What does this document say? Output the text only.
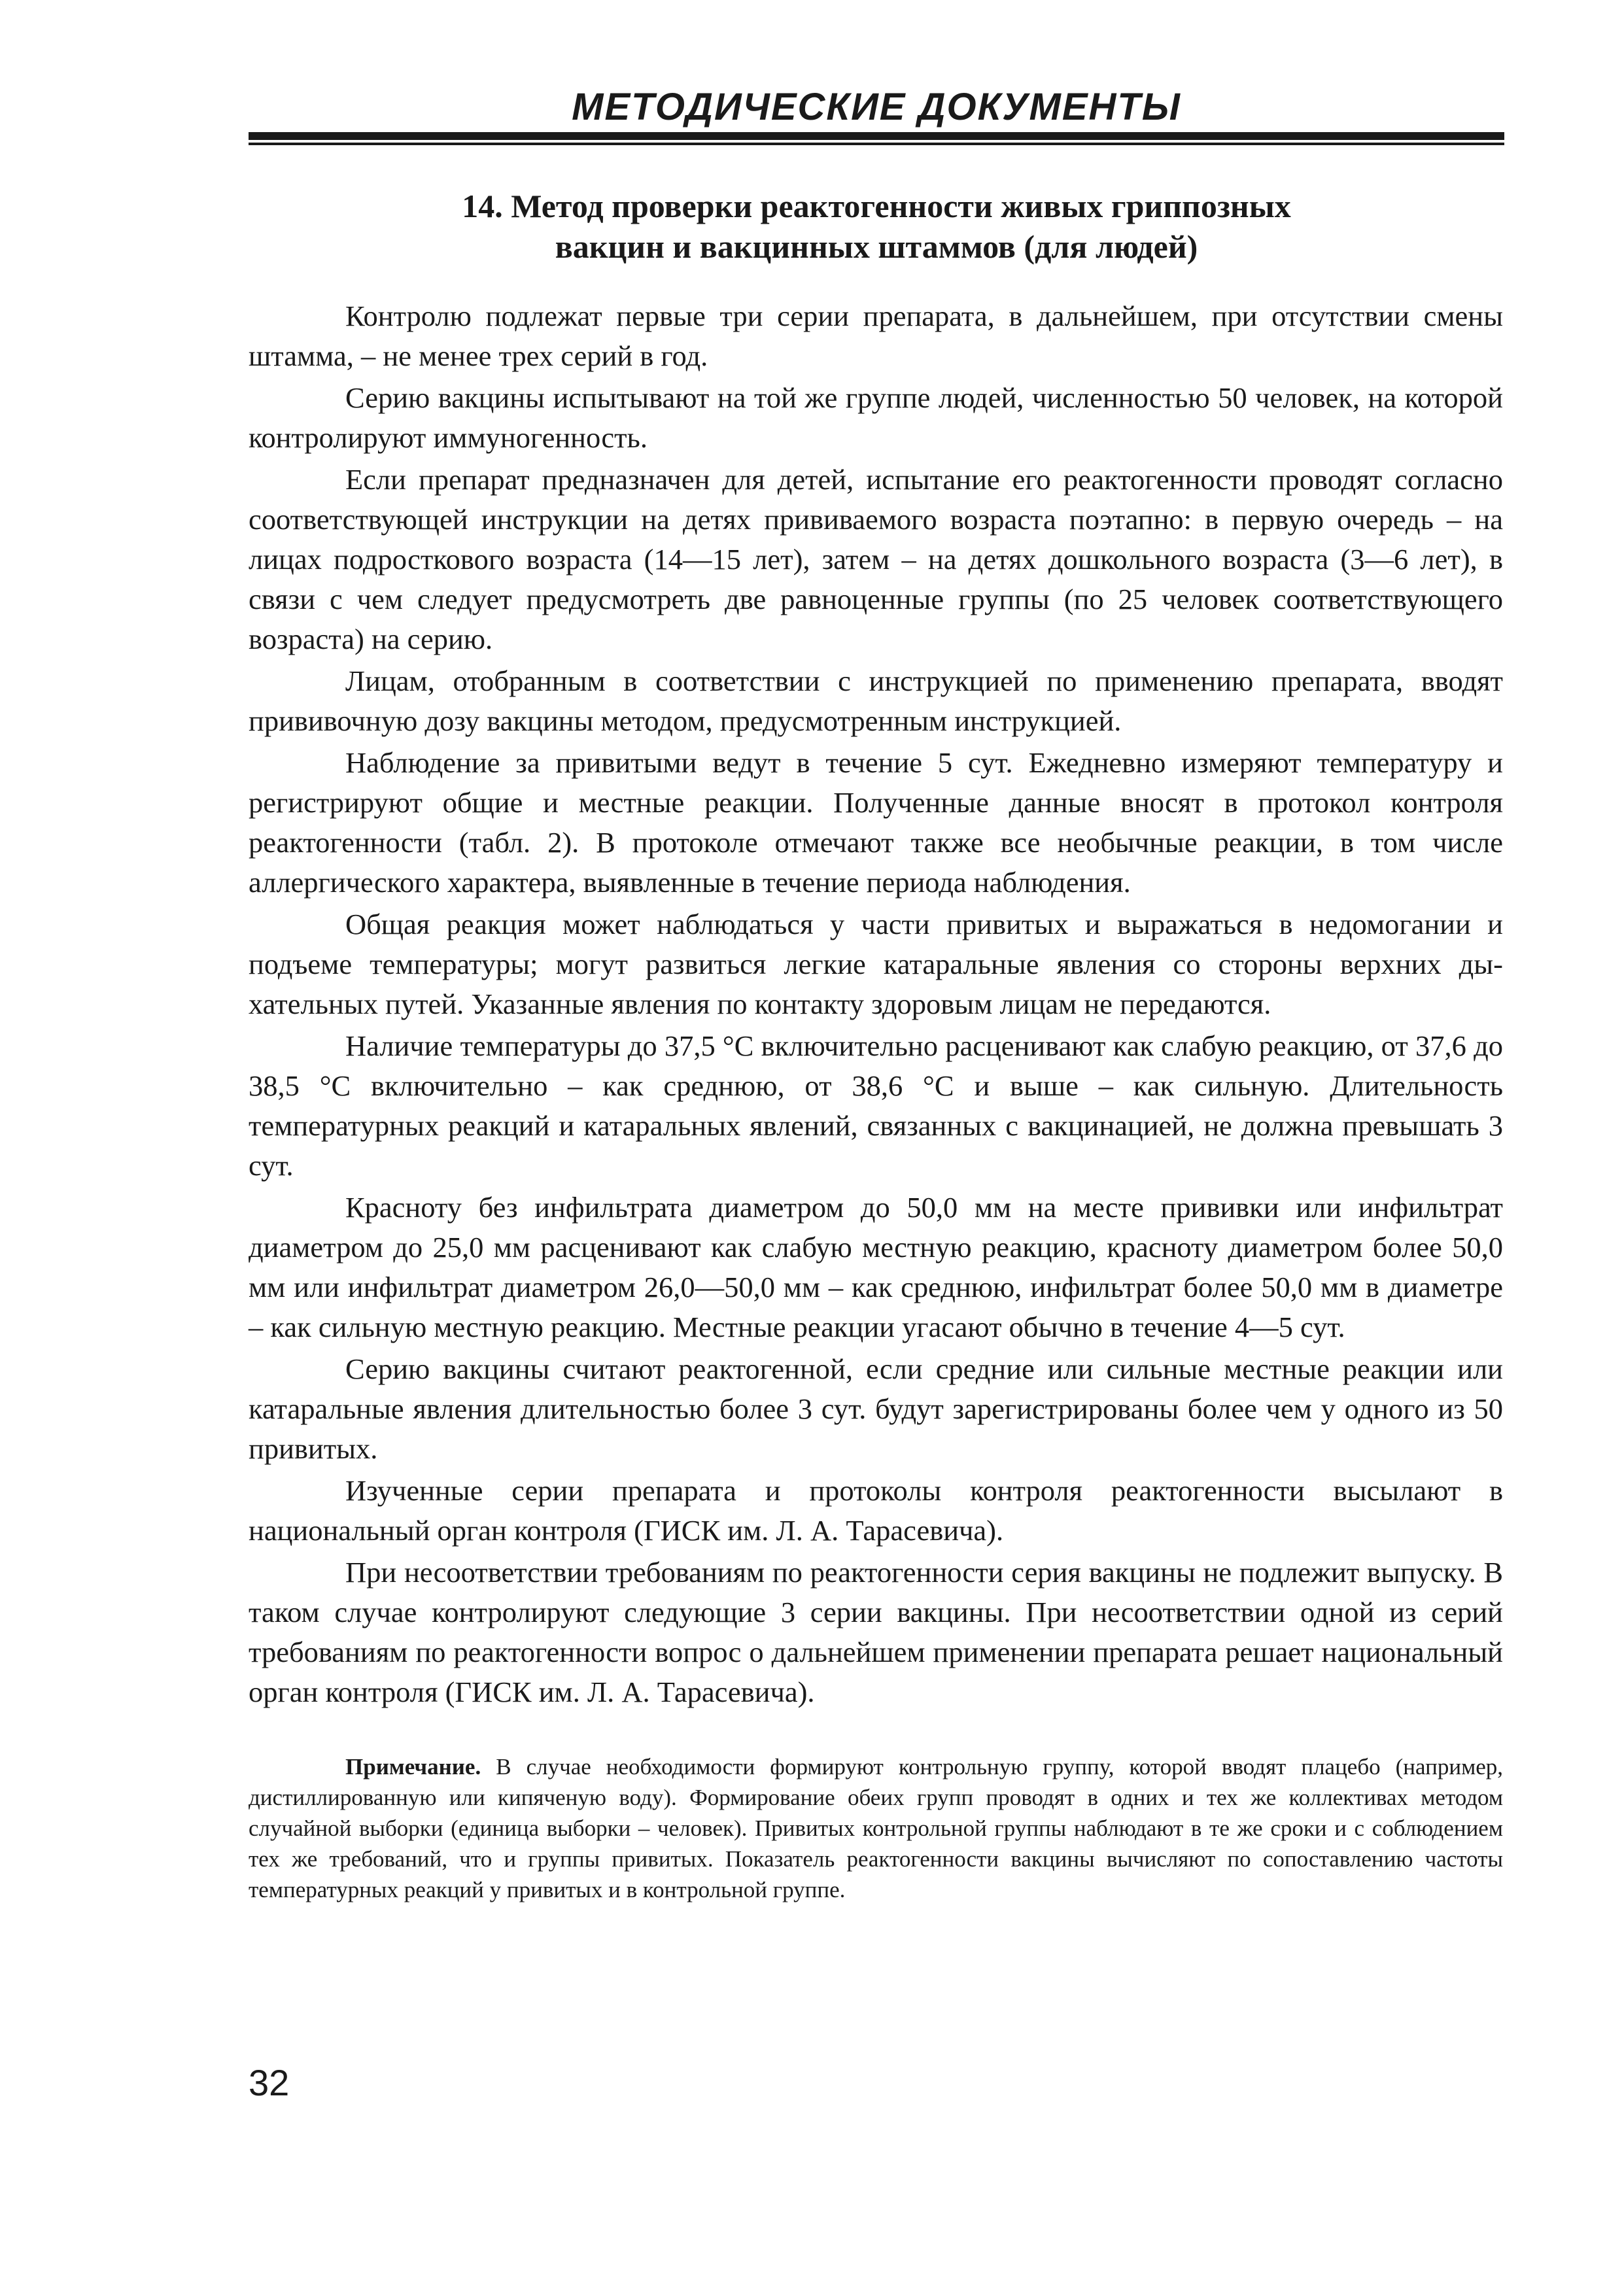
МЕТОДИЧЕСКИЕ ДОКУМЕНТЫ
14. Метод проверки реактогенности живых гриппозных
вакцин и вакцинных штаммов (для людей)

Контролю подлежат первые три серии препарата, в дальнейшем, при отсутствии смены штамма, – не менее трех серий в год.

Серию вакцины испытывают на той же группе людей, численностью 50 человек, на которой контролируют иммуногенность.

Если препарат предназначен для детей, испытание его реактогенности проводят согласно соответствующей инструкции на детях прививаемого возраста поэтапно: в первую очередь – на лицах подросткового возраста (14—15 лет), затем – на детях дошкольного возраста (3—6 лет), в связи с чем следует предусмотреть две равноценные группы (по 25 человек соответствующего возраста) на серию.

Лицам, отобранным в соответствии с инструкцией по применению препарата, вводят прививочную дозу вакцины методом, предусмотренным инструкцией.

Наблюдение за привитыми ведут в течение 5 сут. Ежедневно измеряют температуру и регистрируют общие и местные реакции. Полученные данные вносят в протокол контроля реактогенности (табл. 2). В протоколе отмечают также все необычные реакции, в том числе аллергического характера, выявленные в течение периода наблюдения.

Общая реакция может наблюдаться у части привитых и выражаться в недомогании и подъеме температуры; могут развиться легкие катаральные явления со стороны верхних дыхательных путей. Указанные явления по контакту здоровым лицам не передаются.

Наличие температуры до 37,5 °С включительно расценивают как слабую реакцию, от 37,6 до 38,5 °С включительно – как среднюю, от 38,6 °С и выше – как сильную. Длительность температурных реакций и катаральных явлений, связанных с вакцинацией, не должна превышать 3 сут.

Красноту без инфильтрата диаметром до 50,0 мм на месте прививки или инфильтрат диаметром до 25,0 мм расценивают как слабую местную реакцию, красноту диаметром более 50,0 мм или инфильтрат диаметром 26,0—50,0 мм – как среднюю, инфильтрат более 50,0 мм в диаметре – как сильную местную реакцию. Местные реакции угасают обычно в течение 4—5 сут.

Серию вакцины считают реактогенной, если средние или сильные местные реакции или катаральные явления длительностью более 3 сут. будут зарегистрированы более чем у одного из 50 привитых.

Изученные серии препарата и протоколы контроля реактогенности высылают в национальный орган контроля (ГИСК им. Л. А. Тарасевича).

При несоответствии требованиям по реактогенности серия вакцины не подлежит выпуску. В таком случае контролируют следующие 3 серии вакцины. При несоответствии одной из серий требованиям по реактогенности вопрос о дальнейшем применении препарата решает национальный орган контроля (ГИСК им. Л. А. Тарасевича).

Примечание. В случае необходимости формируют контрольную группу, которой вводят плацебо (например, дистиллированную или кипяченую воду). Формирование обеих групп проводят в одних и тех же коллективах методом случайной выборки (единица выборки – человек). Привитых контрольной группы наблюдают в те же сроки и с соблюдением тех же требований, что и группы привитых. Показатель реактогенности вакцины вычисляют по сопоставлению частоты температурных реакций у привитых и в контрольной группе.

32
